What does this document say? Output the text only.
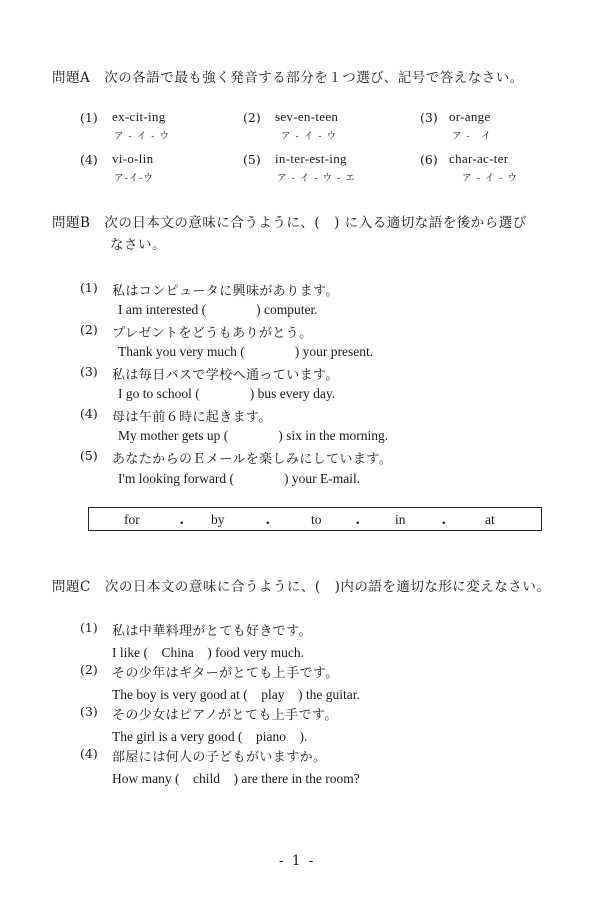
問題A　次の各語で最も強く発音する部分を１つ選び、記号で答えなさい。
(1) ex-cit-ing
ア - イ - ウ
(2) sev-en-teen
ア - イ - ウ
(3) or-ange
ア -　イ
(4) vi-o-lin
ア-イ-ウ
(5) in-ter-est-ing
ア - イ - ウ - エ
(6) char-ac-ter
ア - イ - ウ
問題B　次の日本文の意味に合うように、(　) に入る適切な語を後から選び
なさい。
(1) 私はコンピュータに興味があります。
I am interested (	) computer.
(2) プレゼントをどうもありがとう。
Thank you very much (	) your present.
(3) 私は毎日バスで学校へ通っています。
I go to school (	) bus every day.
(4) 母は午前６時に起きます。
My mother gets up (	) six in the morning.
(5) あなたからのＥメールを楽しみにしています。
I'm looking forward (	) your E-mail.
for	・ by	・	to ・ in ・	at
問題C　次の日本文の意味に合うように、(　)内の語を適切な形に変えなさい。
(1) 私は中華料理がとても好きです。
I like (　China　) food very much.
(2) その少年はギターがとても上手です。
The boy is very good at (　play　) the guitar.
(3) その少女はピアノがとても上手です。
The girl is a very good (　piano　).
(4) 部屋には何人の子どもがいますか。
How many (　child　) are there in the room?
- 1 -
